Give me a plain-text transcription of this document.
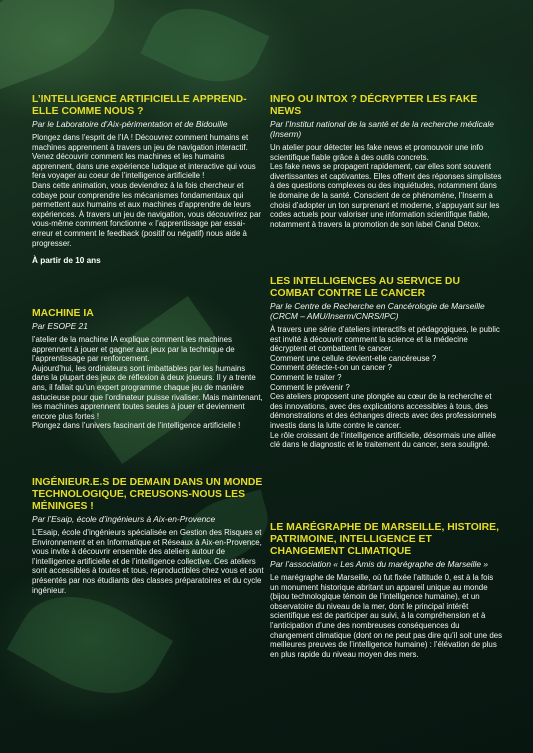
L’INTELLIGENCE ARTIFICIELLE APPREND-ELLE COMME NOUS ?

Par le Laboratoire d’Aix-périmentation et de Bidouille

Plongez dans l’esprit de l’IA ! Découvrez comment humains et machines apprennent à travers un jeu de navigation interactif. Venez découvrir comment les machines et les humains apprennent, dans une expérience ludique et interactive qui vous fera voyager au coeur de l’intelligence artificielle !
Dans cette animation, vous deviendrez à la fois chercheur et cobaye pour comprendre les mécanismes fondamentaux qui permettent aux humains et aux machines d’apprendre de leurs expériences. À travers un jeu de navigation, vous découvrirez par vous-même comment fonctionne « l’apprentissage par essai-erreur et comment le feedback (positif ou négatif) nous aide à progresser.

À partir de 10 ans

MACHINE IA

Par ESOPE 21

l’atelier de la machine IA explique comment les machines apprennent à jouer et gagner aux jeux par la technique de l’apprentissage par renforcement.
Aujourd’hui, les ordinateurs sont imbattables par les humains dans la plupart des jeux de réflexion à deux joueurs. Il y a trente ans, il fallait qu’un expert programme chaque jeu de manière astucieuse pour que l’ordinateur puisse rivaliser. Mais maintenant, les machines apprennent toutes seules à jouer et deviennent encore plus fortes !
Plongez dans l’univers fascinant de l’intelligence artificielle !

INGÉNIEUR.E.S DE DEMAIN DANS UN MONDE TECHNOLOGIQUE, CREUSONS-NOUS LES MÉNINGES !

Par l’Esaip, école d’ingénieurs à Aix-en-Provence

L’Esaip, école d’ingénieurs spécialisée en Gestion des Risques et Environnement et en Informatique et Réseaux à Aix-en-Provence, vous invite à découvrir ensemble des ateliers autour de l’intelligence artificielle et de l’intelligence collective. Ces ateliers sont accessibles à toutes et tous, reproductibles chez vous et sont présentés par nos étudiants des classes préparatoires et du cycle ingénieur.

INFO OU INTOX ? DÉCRYPTER LES FAKE NEWS

Par l’Institut national de la santé et de la recherche médicale (Inserm)

Un atelier pour détecter les fake news et promouvoir une info scientifique fiable grâce à des outils concrets.
Les fake news se propagent rapidement, car elles sont souvent divertissantes et captivantes. Elles offrent des réponses simplistes à des questions complexes ou des inquiétudes, notamment dans le domaine de la santé. Conscient de ce phénomène, l’Inserm a choisi d’adopter un ton surprenant et moderne, s’appuyant sur les codes actuels pour valoriser une information scientifique fiable, notamment à travers la promotion de son label Canal Détox.

LES INTELLIGENCES AU SERVICE DU COMBAT CONTRE LE CANCER

Par le Centre de Recherche en Cancérologie de Marseille (CRCM – AMU/Inserm/CNRS/IPC)

À travers une série d’ateliers interactifs et pédagogiques, le public est invité à découvrir comment la science et la médecine décryptent et combattent le cancer.
Comment une cellule devient-elle cancéreuse ?
Comment détecte-t-on un cancer ?
Comment le traiter ?
Comment le prévenir ?
Ces ateliers proposent une plongée au cœur de la recherche et des innovations, avec des explications accessibles à tous, des démonstrations et des échanges directs avec des professionnels investis dans la lutte contre le cancer.
Le rôle croissant de l’intelligence artificielle, désormais une alliée clé dans le diagnostic et le traitement du cancer, sera souligné.

LE MARÉGRAPHE DE MARSEILLE, HISTOIRE, PATRIMOINE, INTELLIGENCE ET CHANGEMENT CLIMATIQUE

Par l’association « Les Amis du marégraphe de Marseille »

Le marégraphe de Marseille, où fut fixée l’altitude 0, est à la fois un monument historique abritant un appareil unique au monde (bijou technologique témoin de l’intelligence humaine), et un observatoire du niveau de la mer, dont le principal intérêt scientifique est de participer au suivi, à la compréhension et à l’anticipation d’une des nombreuses conséquences du changement climatique (dont on ne peut pas dire qu’il soit une des meilleures preuves de l’intelligence humaine) : l’élévation de plus en plus rapide du niveau moyen des mers.
